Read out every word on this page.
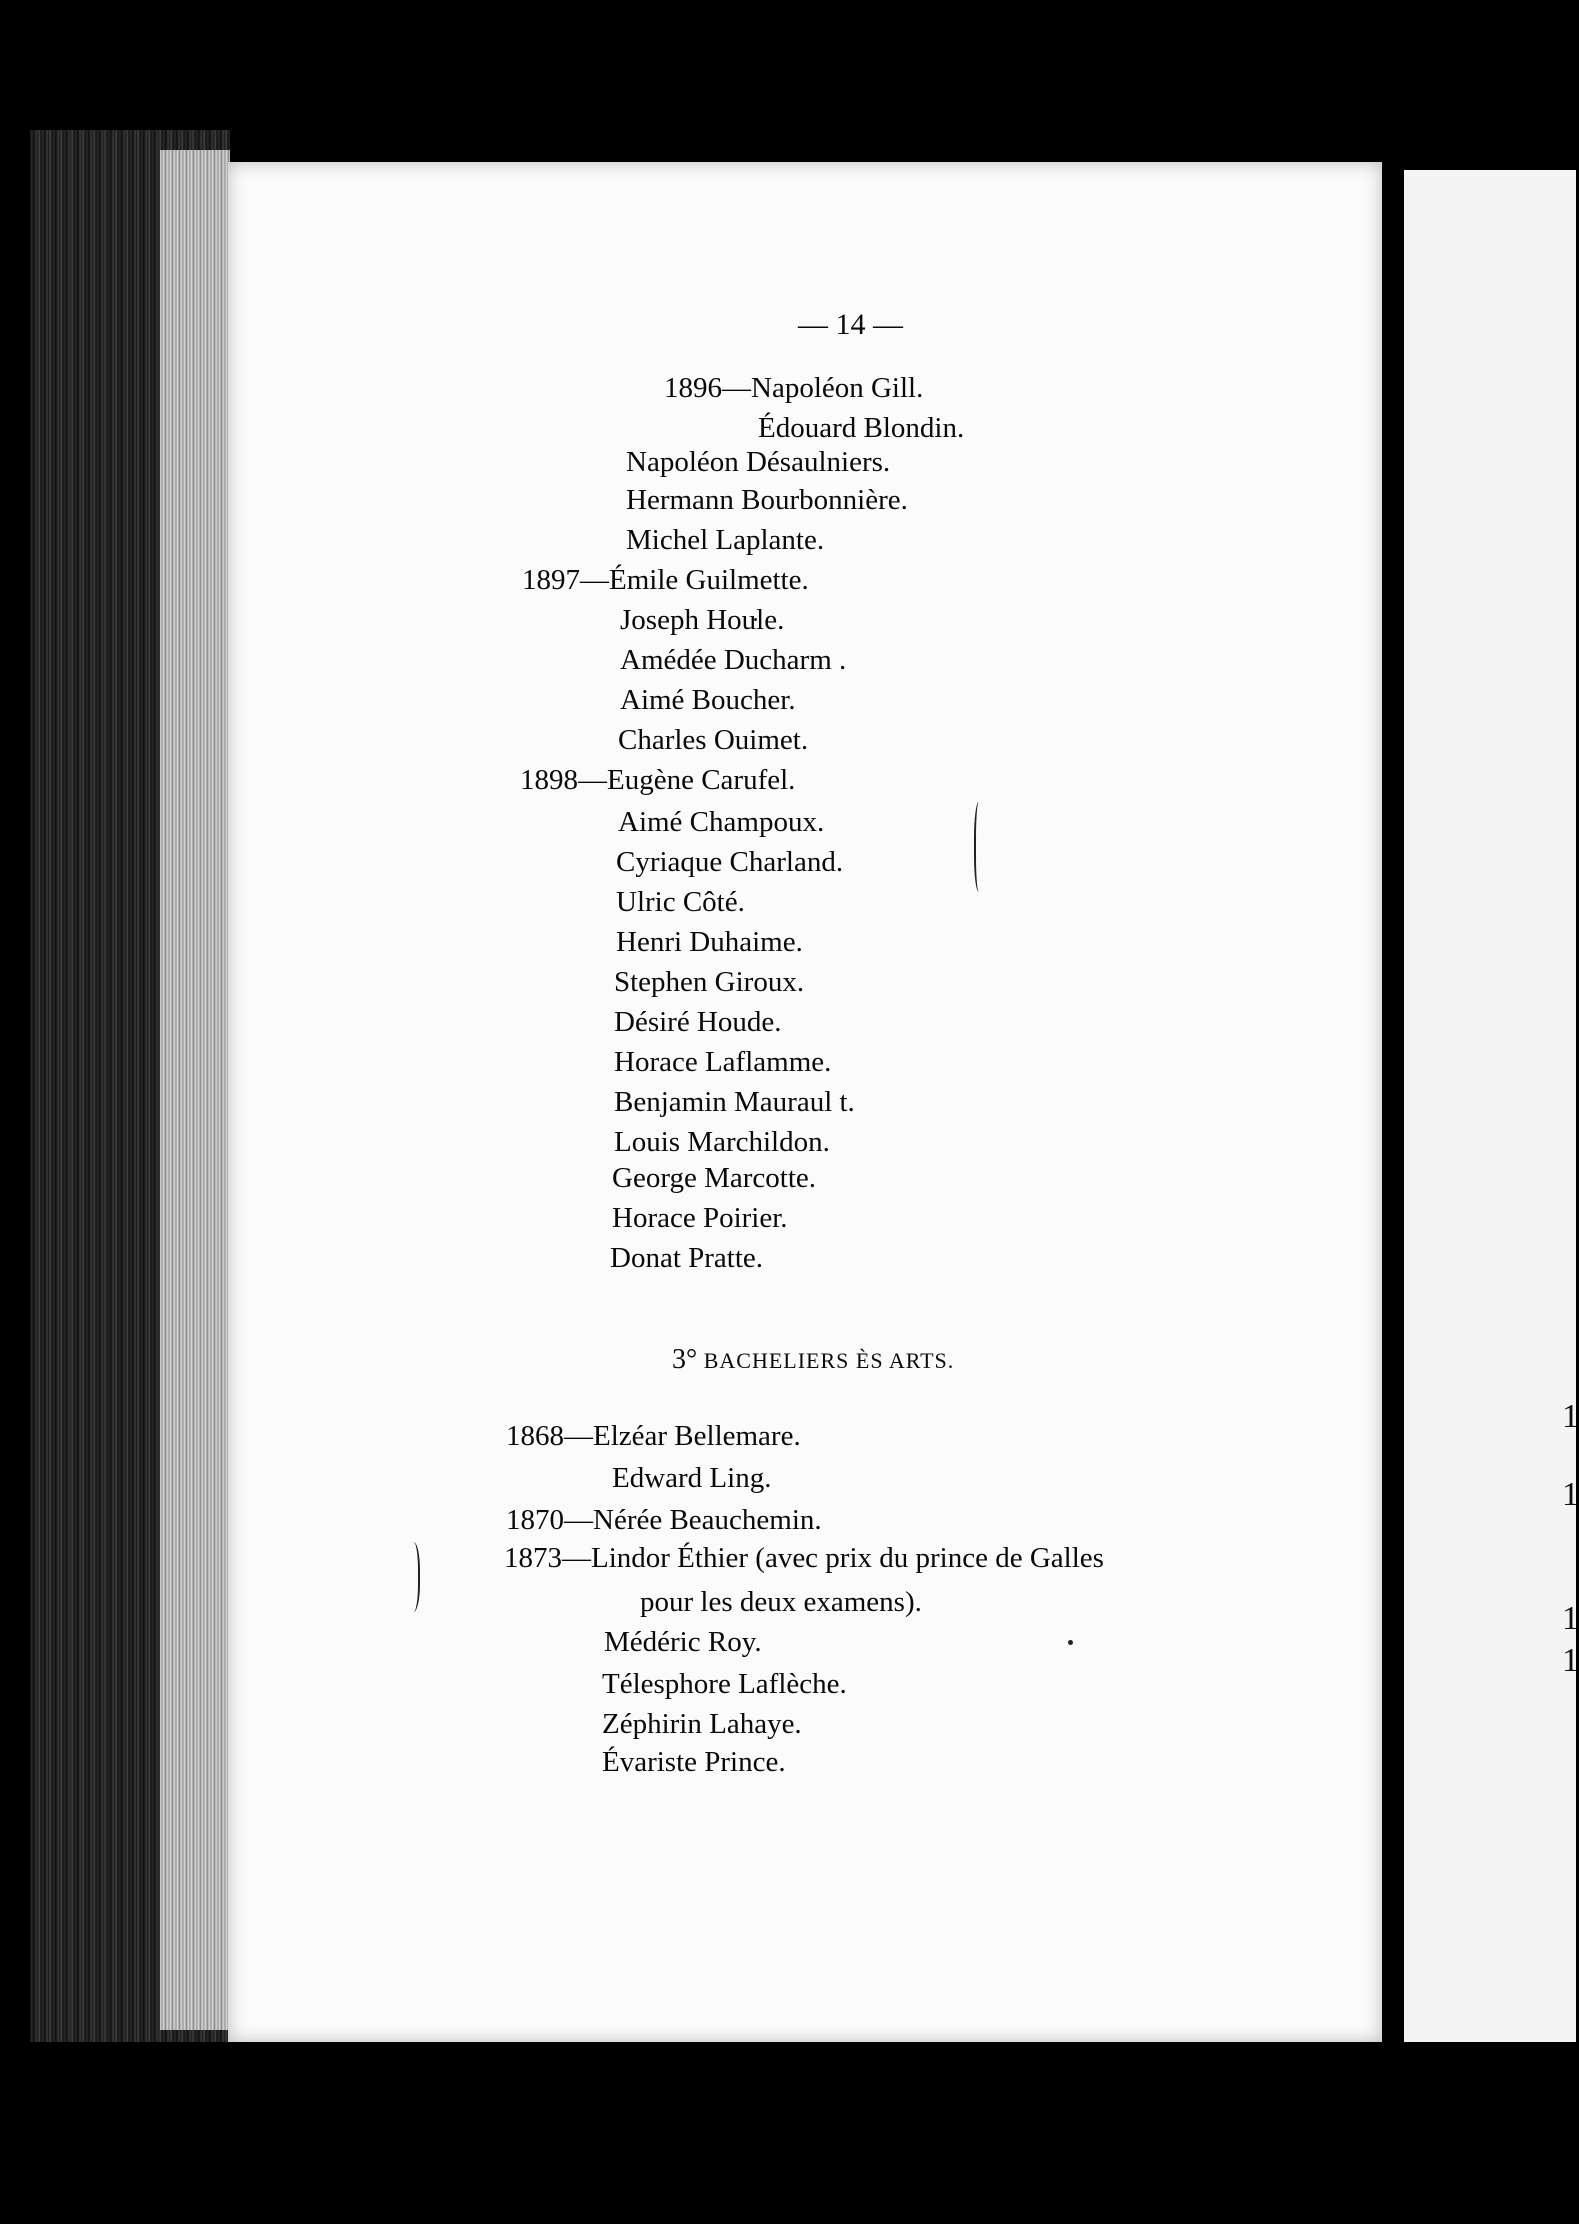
1
1
1
1
— 14 —
1896—Napoléon Gill.
Édouard Blondin.
Napoléon Désaulniers.
Hermann Bourbonnière.
Michel Laplante.
1897—Émile Guilmette.
Joseph Houle.
Amédée Ducharm .
Aimé Boucher.
Charles Ouimet.
1898—Eugène Carufel.
Aimé Champoux.
Cyriaque Charland.
Ulric Côté.
Henri Duhaime.
Stephen Giroux.
Désiré Houde.
Horace Laflamme.
Benjamin Mauraul t.
Louis Marchildon.
George Marcotte.
Horace Poirier.
Donat Pratte.
3° BACHELIERS ÈS ARTS.
1868—Elzéar Bellemare.
Edward Ling.
1870—Nérée Beauchemin.
1873—Lindor Éthier (avec prix du prince de Galles
pour les deux examens).
Médéric Roy.
Télesphore Laflèche.
Zéphirin Lahaye.
Évariste Prince.
